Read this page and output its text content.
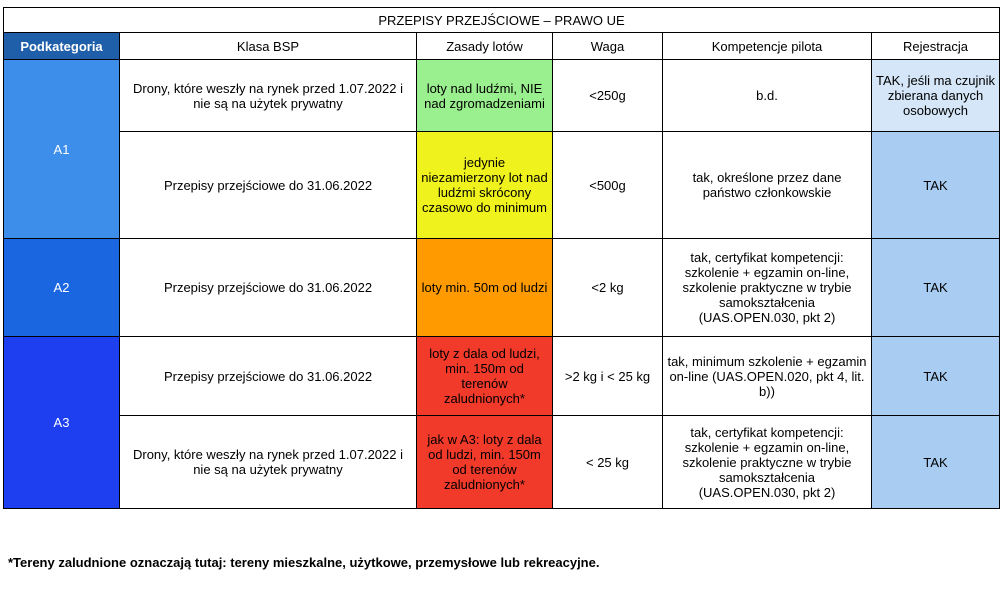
PRZEPISY PRZEJŚCIOWE – PRAWO UE					
Podkategoria	Klasa BSP	Zasady lotów	Waga	Kompetencje pilota	Rejestracja
A1	Drony, które weszły na rynek przed 1.07.2022 i nie są na użytek prywatny	loty nad ludźmi, NIE nad zgromadzeniami	<250g	b.d.	TAK, jeśli ma czujnik zbierana danych osobowych
	Przepisy przejściowe do 31.06.2022	jedynie niezamierzony lot nad ludźmi skrócony czasowo do minimum	<500g	tak, określone przez dane państwo członkowskie	TAK
A2	Przepisy przejściowe do 31.06.2022	loty min. 50m od ludzi	<2 kg	tak, certyfikat kompetencji: szkolenie + egzamin on-line, szkolenie praktyczne w trybie samokształcenia (UAS.OPEN.030, pkt 2)	TAK
A3	Przepisy przejściowe do 31.06.2022	loty z dala od ludzi, min. 150m od terenów zaludnionych*	>2 kg i < 25 kg	tak, minimum szkolenie + egzamin on-line (UAS.OPEN.020, pkt 4, lit. b))	TAK
	Drony, które weszły na rynek przed 1.07.2022 i nie są na użytek prywatny	jak w A3: loty z dala od ludzi, min. 150m od terenów zaludnionych*	< 25 kg	tak, certyfikat kompetencji: szkolenie + egzamin on-line, szkolenie praktyczne w trybie samokształcenia (UAS.OPEN.030, pkt 2)	TAK
*Tereny zaludnione oznaczają tutaj: tereny mieszkalne, użytkowe, przemysłowe lub rekreacyjne.
